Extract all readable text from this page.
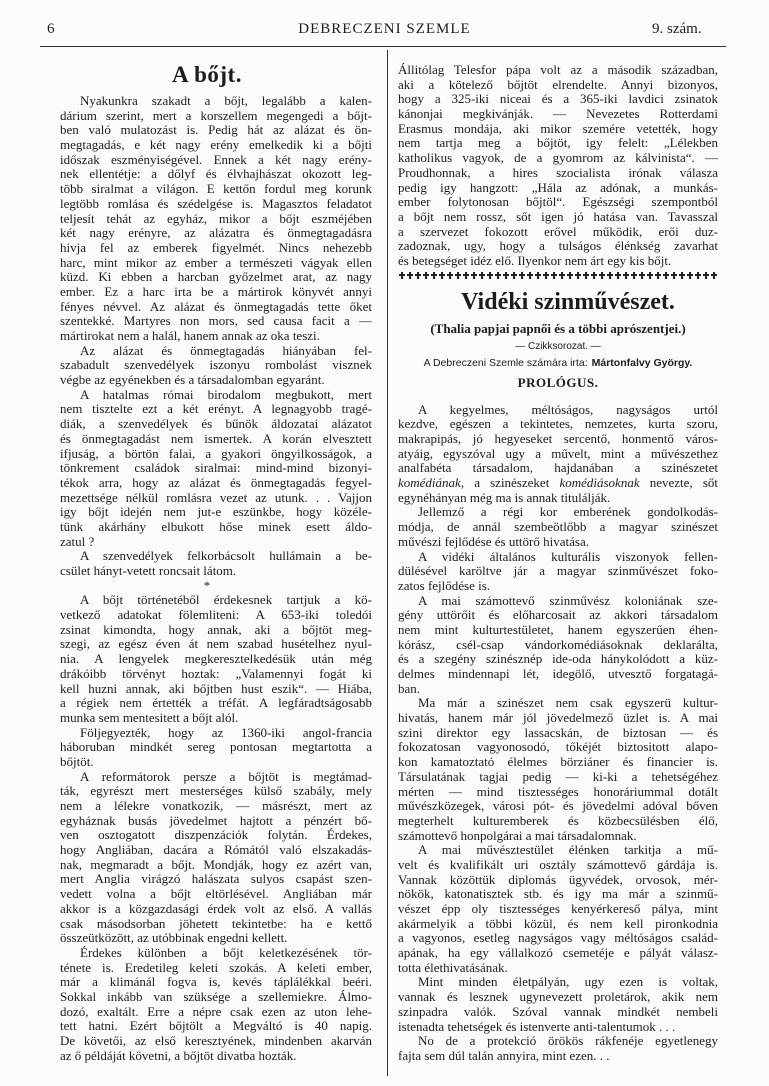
6	DEBRECZENI SZEMLE	9. szám.
A bőjt.
Nyakunkra szakadt a bőjt, legalább a kalen-
dárium szerint, mert a korszellem megengedi a bőjt-
ben való mulatozást is. Pedig hát az alázat és ön-
megtagadás, e két nagy erény emelkedik ki a bőjti
időszak eszményiségével. Ennek a két nagy erény-
nek ellentétje: a dőlyf és élvhajhászat okozott leg-
több siralmat a világon. E kettőn fordul meg korunk
legtöbb romlása és szédelgése is. Magasztos feladatot
teljesít tehát az egyház, mikor a bőjt eszméjében
két nagy erényre, az alázatra és önmegtagadásra
hivja fel az emberek figyelmét. Nincs nehezebb
harc, mint mikor az ember a természeti vágyak ellen
küzd. Ki ebben a harcban győzelmet arat, az nagy
ember. Ez a harc irta be a mártirok könyvét annyi
fényes névvel. Az alázat és önmegtagadás tette őket
szentekké. Martyres non mors, sed causa facit a —
mártirokat nem a halál, hanem annak az oka teszi.
Az alázat és önmegtagadás hiányában fel-
szabadult szenvedélyek iszonyu rombolást visznek
végbe az egyénekben és a társadalomban egyaránt.
A hatalmas római birodalom megbukott, mert
nem tisztelte ezt a két erényt. A legnagyobb tragé-
diák, a szenvedélyek és bűnök áldozatai alázatot
és önmegtagadást nem ismertek. A korán elvesztett
ifjuság, a börtön falai, a gyakori öngyilkosságok, a
tönkrement családok siralmai: mind-mind bizonyi-
tékok arra, hogy az alázat és önmegtagadás fegyel-
mezettsége nélkül romlásra vezet az utunk. . . Vajjon
igy bőjt idején nem jut-e eszünkbe, hogy közéle-
tünk akárhány elbukott hőse minek esett áldo-
zatul ?
A szenvedélyek felkorbácsolt hullámain a be-
csület hányt-vetett roncsait látom.
*
A bőjt történetéből érdekesnek tartjuk a kö-
vetkező adatokat fölemliteni: A 653-iki toledói
zsinat kimondta, hogy annak, aki a bőjtöt meg-
szegi, az egész éven át nem szabad husételhez nyul-
nia. A lengyelek megkeresztelkedésük után még
drákóibb törvényt hoztak: „Valamennyi fogát ki
kell huzni annak, aki bőjtben hust eszik“. — Hiába,
a régiek nem értették a tréfát. A legfáradtságosabb
munka sem mentesitett a bőjt alól.
Följegyezték, hogy az 1360-iki angol-francia
háboruban mindkét sereg pontosan megtartotta a
bőjtöt.
A reformátorok persze a bőjtöt is megtámad-
ták, egyrészt mert mesterséges külső szabály, mely
nem a lélekre vonatkozik, — másrészt, mert az
egyháznak busás jövedelmet hajtott a pénzért bő-
ven osztogatott diszpenzációk folytán. Érdekes,
hogy Angliában, dacára a Rómától való elszakadás-
nak, megmaradt a bőjt. Mondják, hogy ez azért van,
mert Anglia virágzó halászata sulyos csapást szen-
vedett volna a bőjt eltörlésével. Angliában már
akkor is a közgazdasági érdek volt az első. A vallás
csak másodsorban jöhetett tekintetbe: ha e kettő
összeütközött, az utóbbinak engedni kellett.
Érdekes különben a bőjt keletkezésének tör-
ténete is. Eredetileg keleti szokás. A keleti ember,
már a klimánál fogva is, kevés táplálékkal beéri.
Sokkal inkább van szüksége a szellemiekre. Álmo-
dozó, exaltált. Erre a népre csak ezen az uton lehe-
tett hatni. Ezért bőjtölt a Megváltó is 40 napig.
De követői, az első keresztyének, mindenben akarván
az ő példáját követni, a bőjtöt divatba hozták.
Állitólag Telesfor pápa volt az a második században,
aki a kötelező bőjtöt elrendelte. Annyi bizonyos,
hogy a 325-iki niceai és a 365-iki lavdici zsinatok
kánonjai megkivánják. — Nevezetes Rotterdami
Erasmus mondája, aki mikor szemére vetették, hogy
nem tartja meg a bőjtöt, igy felelt: „Lélekben
katholikus vagyok, de a gyomrom az kálvinista“. —
Proudhonnak, a hires szocialista irónak válasza
pedig igy hangzott: „Hála az adónak, a munkás-
ember folytonosan bőjtöl“. Egészségi szempontból
a bőjt nem rossz, sőt igen jó hatása van. Tavasszal
a szervezet fokozott erővel működik, erői duz-
zadoznak, ugy, hogy a tulságos élénkség zavarhat
és betegséget idéz elő. Ilyenkor nem árt egy kis bőjt.
Vidéki szinművészet.
(Thalia papjai papnői és a többi aprószentjei.)
— Czikksorozat. —
A Debreczeni Szemle számára irta: Mártonfalvy György.
PROLÓGUS.
A kegyelmes, méltóságos, nagyságos urtól
kezdve, egészen a tekintetes, nemzetes, kurta szoru,
makrapipás, jó hegyeseket sercentő, honmentő város-
atyáig, egyszóval ugy a művelt, mint a művészethez
analfabéta társadalom, hajdanában a szinészetet
komédiának, a szinészeket komédiásoknak nevezte, sőt
egynéhányan még ma is annak titulálják.
Jellemző a régi kor emberének gondolkodás-
módja, de annál szembeötlőbb a magyar szinészet
művészi fejlődése és uttörő hivatása.
A vidéki általános kulturális viszonyok fellen-
dülésével karöltve jár a magyar szinművészet foko-
zatos fejlődése is.
A mai számottevő szinművész koloniának sze-
gény uttörőit és előharcosait az akkori társadalom
nem mint kulturtestületet, hanem egyszerűen éhen-
kórász, csél-csap vándorkomédiásoknak deklarálta,
és a szegény szinésznép ide-oda hánykolódott a küz-
delmes mindennapi lét, idegölő, utvesztő forgatagá-
ban.
Ma már a szinészet nem csak egyszerü kultur-
hivatás, hanem már jól jövedelmező üzlet is. A mai
szini direktor egy lassacskán, de biztosan — és
fokozatosan vagyonosodó, tőkéjét biztositott alapo-
kon kamatoztató élelmes börziáner és financier is.
Társulatának tagjai pedig — ki-ki a tehetségéhez
mérten — mind tisztességes honoráriummal dotált
művészközegek, városi pót- és jövedelmi adóval bőven
megterhelt kulturemberek és közbecsülésben élő,
számottevő honpolgárai a mai társadalomnak.
A mai művésztestület élénken tarkitja a mű-
velt és kvalifikált uri osztály számottevő gárdája is.
Vannak közöttük diplomás ügyvédek, orvosok, mér-
nökök, katonatisztek stb. és igy ma már a szinmű-
vészet épp oly tisztességes kenyérkereső pálya, mint
akármelyik a többi közül, és nem kell pironkodnia
a vagyonos, esetleg nagyságos vagy méltóságos család-
apának, ha egy vállalkozó csemetéje e pályát válasz-
totta élethivatásának.
Mint minden életpályán, ugy ezen is voltak,
vannak és lesznek ugynevezett proletárok, akik nem
szinpadra valók. Szóval vannak mindkét nembeli
istenadta tehetségek és istenverte anti-talentumok . . .
No de a protekció örökös rákfenéje egyetlenegy
fajta sem dúl talán annyira, mint ezen. . .
